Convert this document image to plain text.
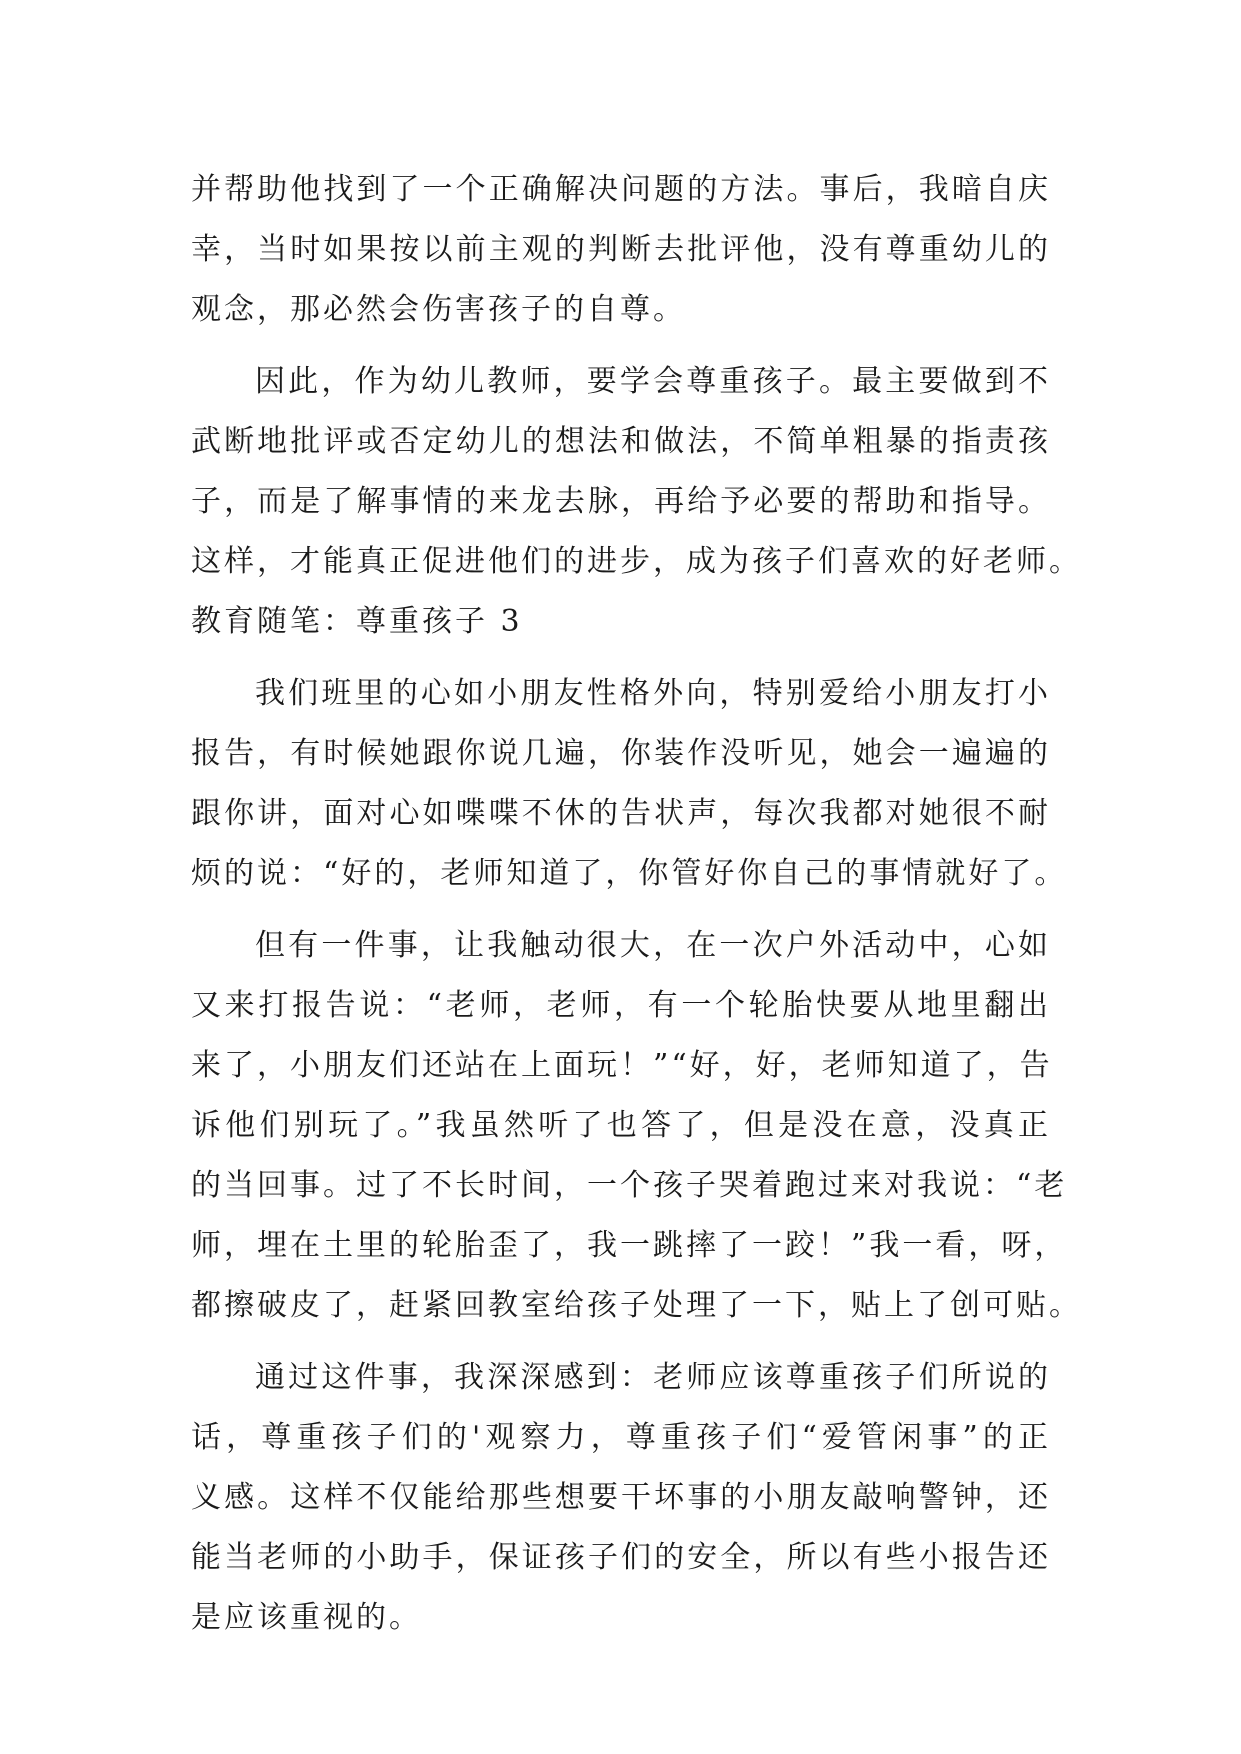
并帮助他找到了一个正确解决问题的方法。事后，我暗自庆
幸，当时如果按以前主观的判断去批评他，没有尊重幼儿的
观念，那必然会伤害孩子的自尊。
因此，作为幼儿教师，要学会尊重孩子。最主要做到不
武断地批评或否定幼儿的想法和做法，不简单粗暴的指责孩
子，而是了解事情的来龙去脉，再给予必要的帮助和指导。
这样，才能真正促进他们的进步，成为孩子们喜欢的好老师。
教育随笔：尊重孩子 3
我们班里的心如小朋友性格外向，特别爱给小朋友打小
报告，有时候她跟你说几遍，你装作没听见，她会一遍遍的
跟你讲，面对心如喋喋不休的告状声，每次我都对她很不耐
烦的说：“好的，老师知道了，你管好你自己的事情就好了。
但有一件事，让我触动很大，在一次户外活动中，心如
又来打报告说：“老师，老师，有一个轮胎快要从地里翻出
来了，小朋友们还站在上面玩！”“好，好，老师知道了，告
诉他们别玩了。”我虽然听了也答了，但是没在意，没真正
的当回事。过了不长时间，一个孩子哭着跑过来对我说：“老
师，埋在土里的轮胎歪了，我一跳摔了一跤！”我一看，呀，
都擦破皮了，赶紧回教室给孩子处理了一下，贴上了创可贴。
通过这件事，我深深感到：老师应该尊重孩子们所说的
话，尊重孩子们的'观察力，尊重孩子们“爱管闲事”的正
义感。这样不仅能给那些想要干坏事的小朋友敲响警钟，还
能当老师的小助手，保证孩子们的安全，所以有些小报告还
是应该重视的。
